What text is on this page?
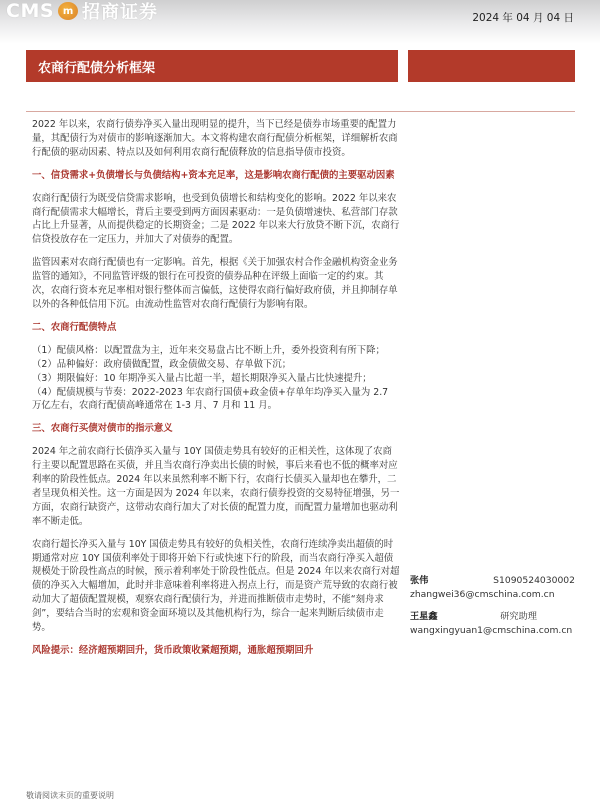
CMS m 招商证券	2024 年 04 月 04 日
农商行配债分析框架

2022 年以来，农商行债券净买入量出现明显的提升，当下已经是债券市场重要的配置力量，其配债行为对债市的影响逐渐加大。本文将构建农商行配债分析框架，详细解析农商行配债的驱动因素、特点以及如何利用农商行配债释放的信息指导债市投资。

一、信贷需求+负债增长与负债结构+资本充足率，这是影响农商行配债的主要驱动因素

农商行配债行为既受信贷需求影响，也受到负债增长和结构变化的影响。2022 年以来农商行配债需求大幅增长，背后主要受到两方面因素驱动：一是负债增速快、私营部门存款占比上升显著，从而提供稳定的长期资金；二是 2022 年以来大行放贷不断下沉，农商行信贷投放存在一定压力，并加大了对债券的配置。

监管因素对农商行配债也有一定影响。首先，根据《关于加强农村合作金融机构资金业务监管的通知》，不同监管评级的银行在可投资的债券品种在评级上面临一定的约束。其次，农商行资本充足率相对银行整体而言偏低，这使得农商行偏好政府债，并且抑制存单以外的各种低信用下沉。由流动性监管对农商行配债行为影响有限。

二、农商行配债特点

（1）配债风格：以配置盘为主，近年来交易盘占比不断上升，委外投资利有所下降；
（2）品种偏好：政府债做配置，政金债做交易、存单做下沉；
（3）期限偏好：10 年期净买入量占比超一半，超长期限净买入量占比快速提升；
（4）配债规模与节奏：2022-2023 年农商行国债+政金债+存单年均净买入量为 2.7 万亿左右，农商行配债高峰通常在 1-3 月、7 月和 11 月。

三、农商行买债对债市的指示意义

2024 年之前农商行长债净买入量与 10Y 国债走势具有较好的正相关性，这体现了农商行主要以配置思路在买债，并且当农商行净卖出长债的时候，事后来看也不低的概率对应利率的阶段性低点。2024 年以来虽然利率不断下行，农商行长债买入量却也在攀升，二者呈现负相关性。这一方面是因为 2024 年以来，农商行债券投资的交易特征增强，另一方面，农商行缺资产，这带动农商行加大了对长债的配置力度，而配置力量增加也驱动利率不断走低。

农商行超长净买入量与 10Y 国债走势具有较好的负相关性，农商行连续净卖出超债的时期通常对应 10Y 国债利率处于即将开始下行或快速下行的阶段，而当农商行净买入超债规模处于阶段性高点的时候，预示着利率处于阶段性低点。但是 2024 年以来农商行对超债的净买入大幅增加，此时并非意味着利率将进入拐点上行，而是资产荒导致的农商行被动加大了超债配置规模，观察农商行配债行为，并进而推断债市走势时，不能“刻舟求剑”，要结合当时的宏观和资金面环境以及其他机构行为，综合一起来判断后续债市走势。

风险提示：经济超预期回升，货币政策收紧超预期，通胀超预期回升
张伟	S1090524030002
zhangwei36@cmschina.com.cn
王星鑫	研究助理
wangxingyuan1@cmschina.com.cn
敬请阅读末页的重要说明
